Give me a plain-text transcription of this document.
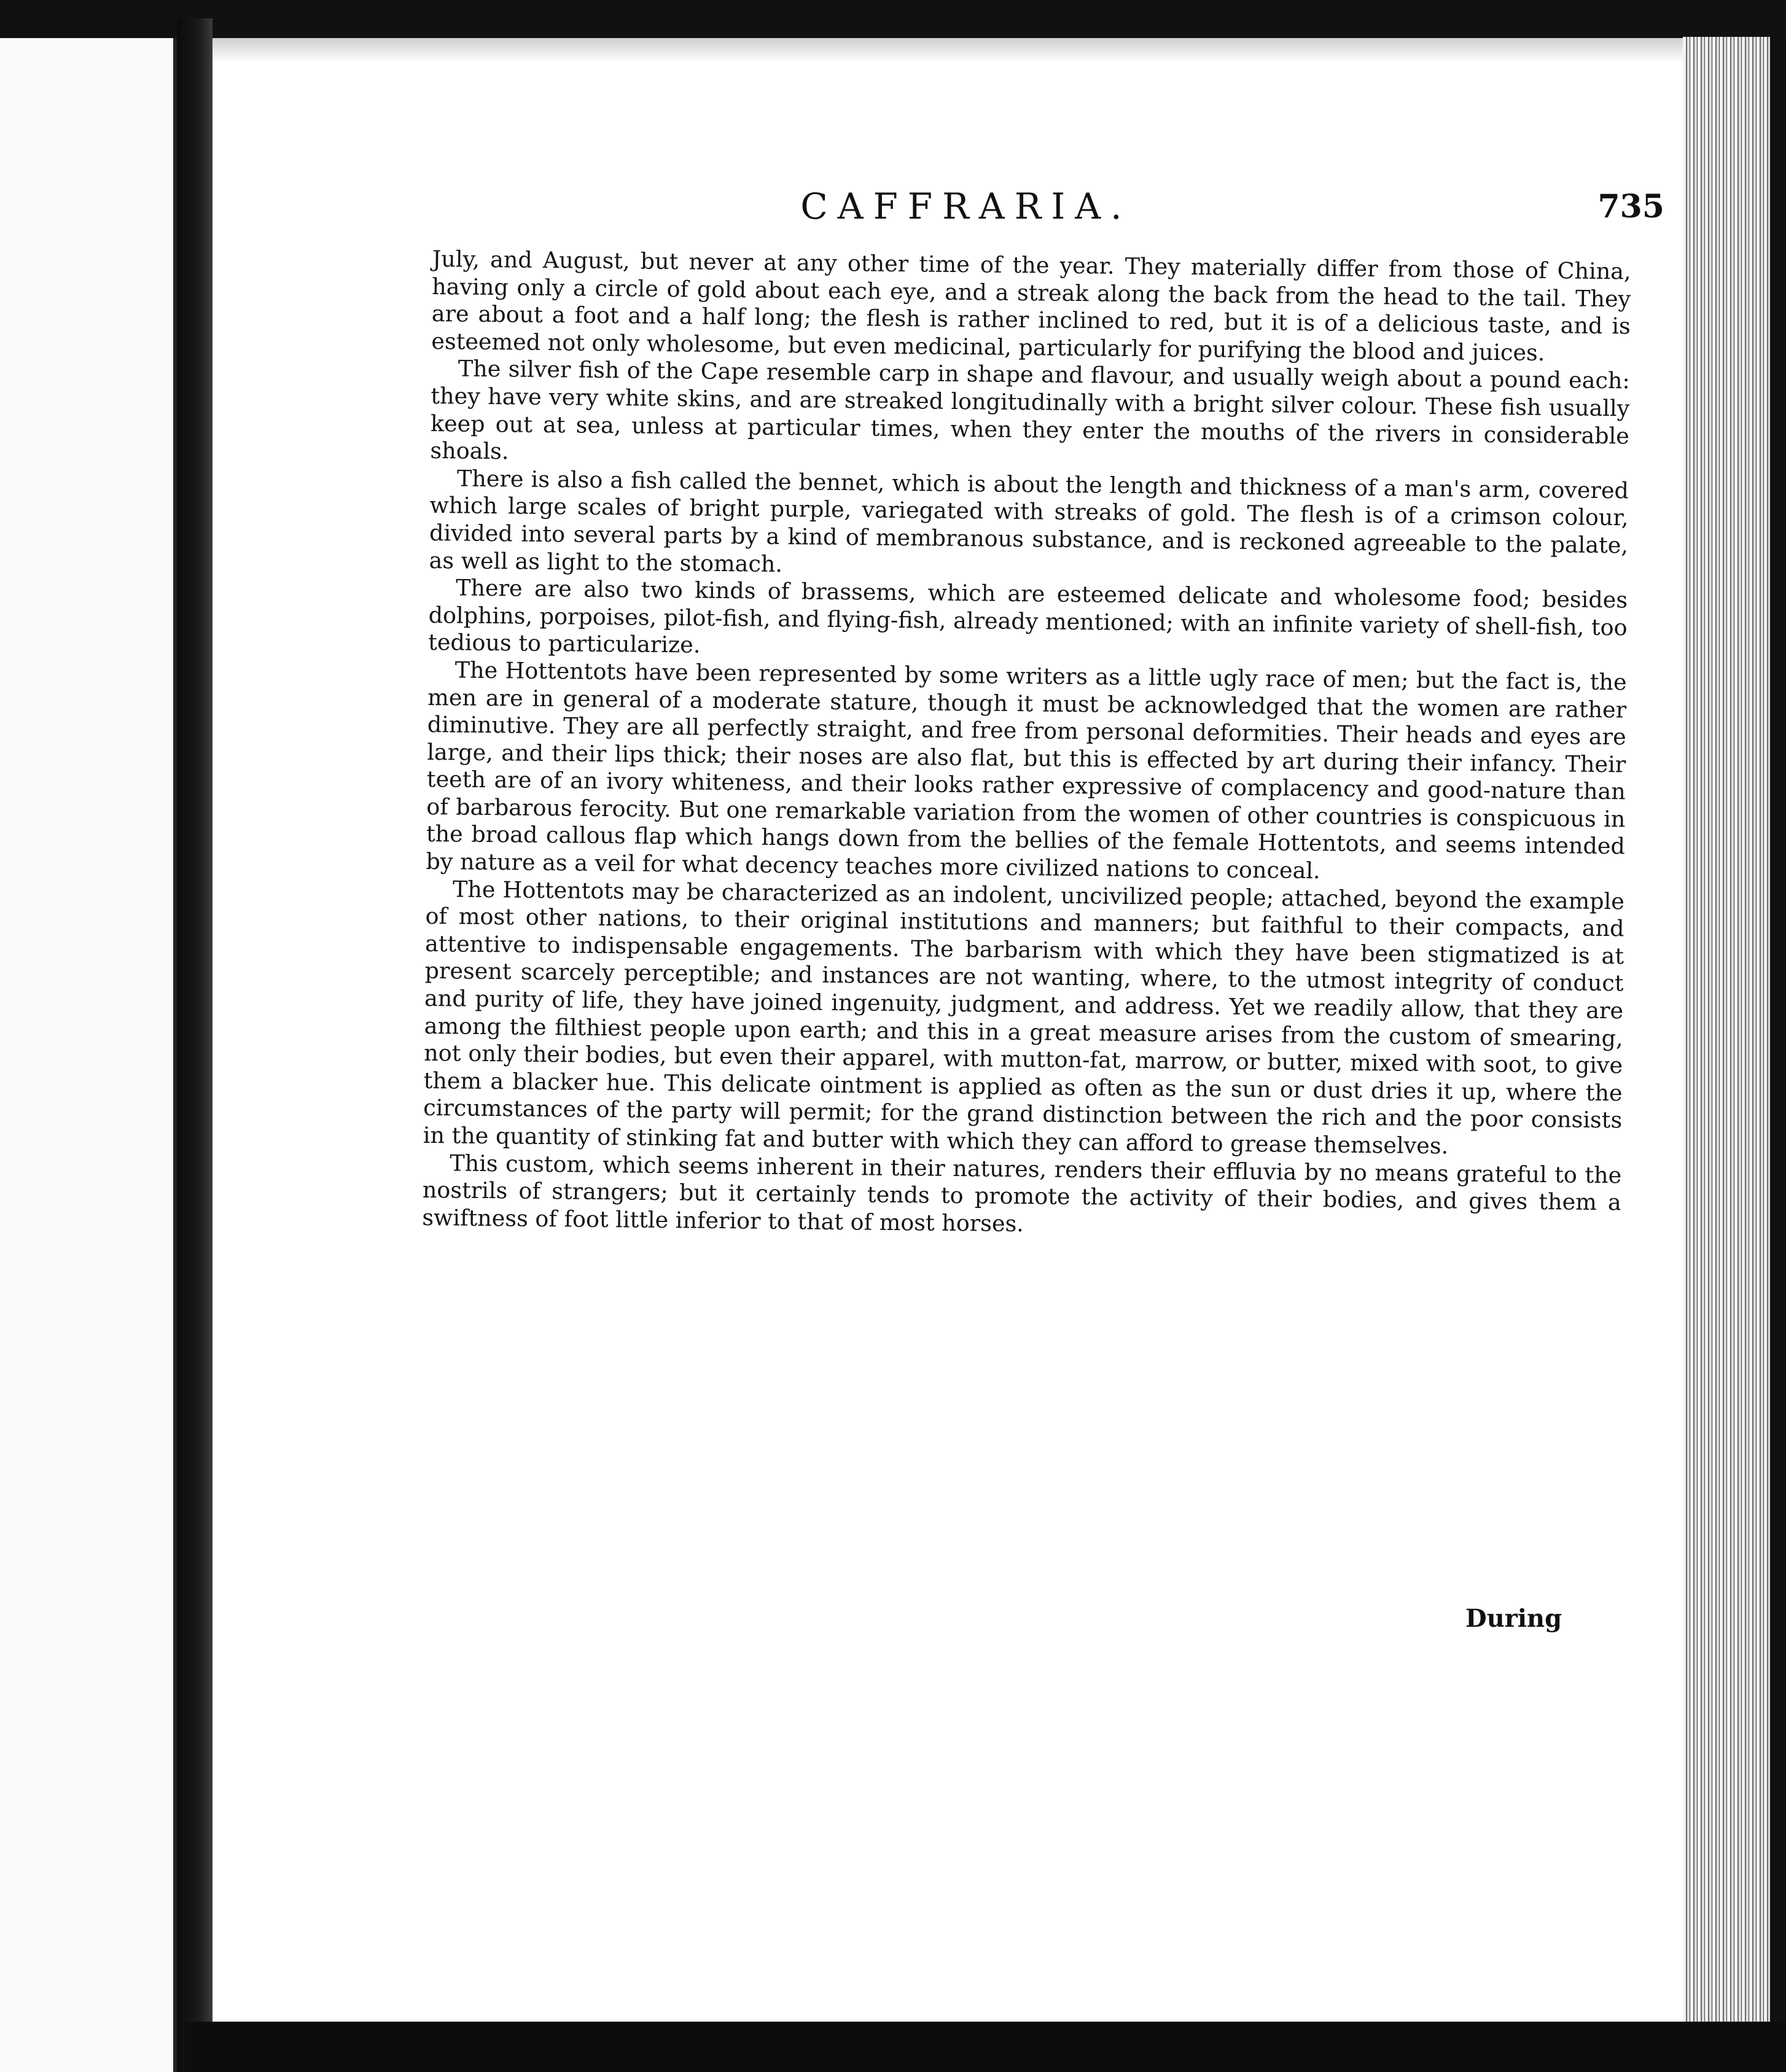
CAFFRARIA.	735

July, and August, but never at any other time of the year. They materially differ from those of China, having only a circle of gold about each eye, and a streak along the back from the head to the tail. They are about a foot and a half long; the flesh is rather inclined to red, but it is of a delicious taste, and is esteemed not only wholesome, but even medicinal, particularly for purifying the blood and juices.

The silver fish of the Cape resemble carp in shape and flavour, and usually weigh about a pound each: they have very white skins, and are streaked longitudinally with a bright silver colour. These fish usually keep out at sea, unless at particular times, when they enter the mouths of the rivers in considerable shoals.

There is also a fish called the bennet, which is about the length and thickness of a man's arm, covered which large scales of bright purple, variegated with streaks of gold. The flesh is of a crimson colour, divided into several parts by a kind of membranous substance, and is reckoned agreeable to the palate, as well as light to the stomach.

There are also two kinds of brassems, which are esteemed delicate and wholesome food; besides dolphins, porpoises, pilot-fish, and flying-fish, already mentioned; with an infinite variety of shell-fish, too tedious to particularize.

The Hottentots have been represented by some writers as a little ugly race of men; but the fact is, the men are in general of a moderate stature, though it must be acknowledged that the women are rather diminutive. They are all perfectly straight, and free from personal deformities. Their heads and eyes are large, and their lips thick; their noses are also flat, but this is effected by art during their infancy. Their teeth are of an ivory whiteness, and their looks rather expressive of complacency and good-nature than of barbarous ferocity. But one remarkable variation from the women of other countries is conspicuous in the broad callous flap which hangs down from the bellies of the female Hottentots, and seems intended by nature as a veil for what decency teaches more civilized nations to conceal.

The Hottentots may be characterized as an indolent, uncivilized people; attached, beyond the example of most other nations, to their original institutions and manners; but faithful to their compacts, and attentive to indispensable engagements. The barbarism with which they have been stigmatized is at present scarcely perceptible; and instances are not wanting, where, to the utmost integrity of conduct and purity of life, they have joined ingenuity, judgment, and address. Yet we readily allow, that they are among the filthiest people upon earth; and this in a great measure arises from the custom of smearing, not only their bodies, but even their apparel, with mutton-fat, marrow, or butter, mixed with soot, to give them a blacker hue. This delicate ointment is applied as often as the sun or dust dries it up, where the circumstances of the party will permit; for the grand distinction between the rich and the poor consists in the quantity of stinking fat and butter with which they can afford to grease themselves.

This custom, which seems inherent in their natures, renders their effluvia by no means grateful to the nostrils of strangers; but it certainly tends to promote the activity of their bodies, and gives them a swiftness of foot little inferior to that of most horses.

During
